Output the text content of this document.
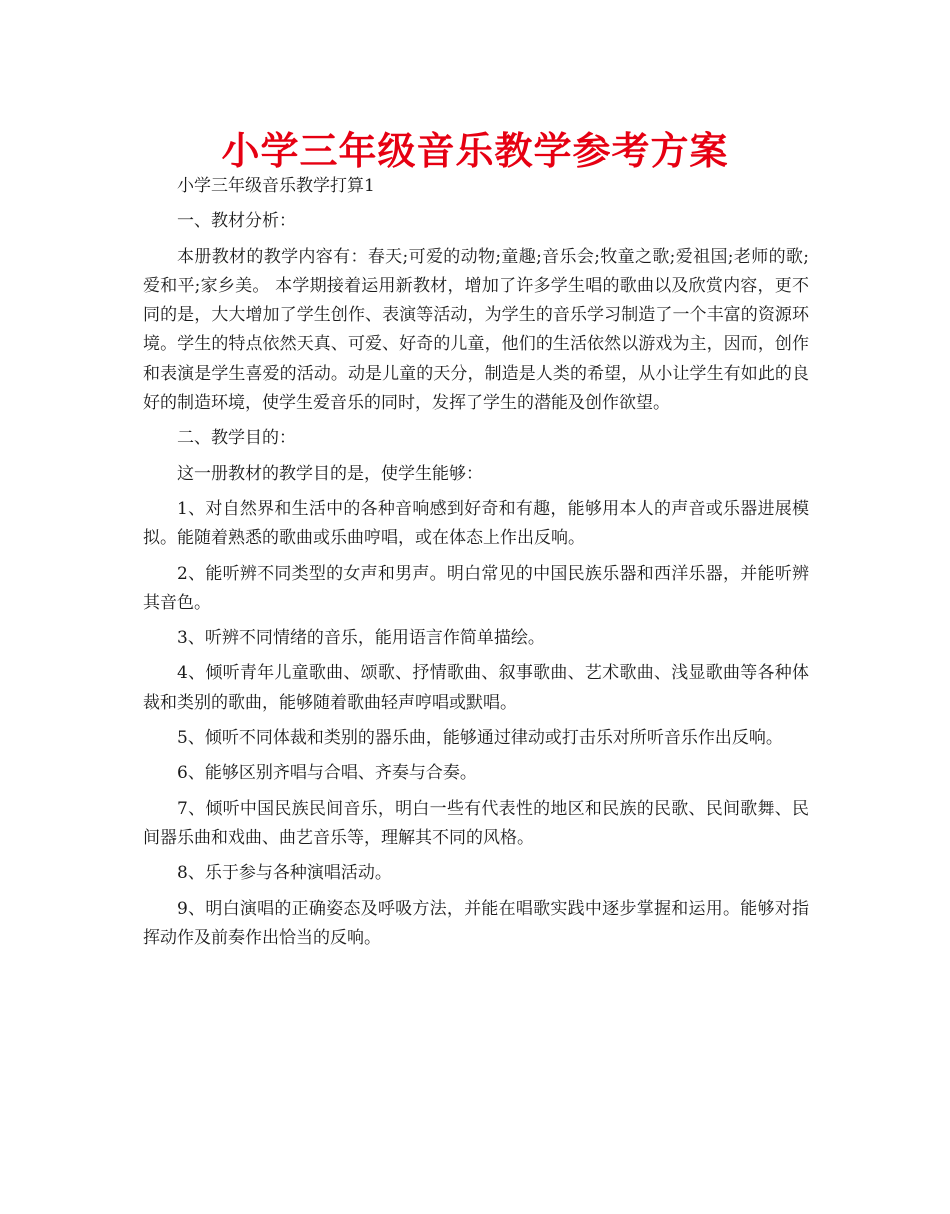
小学三年级音乐教学参考方案

小学三年级音乐教学打算1

一、教材分析：

本册教材的教学内容有：春天;可爱的动物;童趣;音乐会;牧童之歌;爱祖国;老师的歌;爱和平;家乡美。 本学期接着运用新教材，增加了许多学生唱的歌曲以及欣赏内容，更不同的是，大大增加了学生创作、表演等活动，为学生的音乐学习制造了一个丰富的资源环境。学生的特点依然天真、可爱、好奇的儿童，他们的生活依然以游戏为主，因而，创作和表演是学生喜爱的活动。动是儿童的天分，制造是人类的希望，从小让学生有如此的良好的制造环境，使学生爱音乐的同时，发挥了学生的潜能及创作欲望。

二、教学目的：

这一册教材的教学目的是，使学生能够：

1、对自然界和生活中的各种音响感到好奇和有趣，能够用本人的声音或乐器进展模拟。能随着熟悉的歌曲或乐曲哼唱，或在体态上作出反响。

2、能听辨不同类型的女声和男声。明白常见的中国民族乐器和西洋乐器，并能听辨其音色。

3、听辨不同情绪的音乐，能用语言作简单描绘。

4、倾听青年儿童歌曲、颂歌、抒情歌曲、叙事歌曲、艺术歌曲、浅显歌曲等各种体裁和类别的歌曲，能够随着歌曲轻声哼唱或默唱。

5、倾听不同体裁和类别的器乐曲，能够通过律动或打击乐对所听音乐作出反响。

6、能够区别齐唱与合唱、齐奏与合奏。

7、倾听中国民族民间音乐，明白一些有代表性的地区和民族的民歌、民间歌舞、民间器乐曲和戏曲、曲艺音乐等，理解其不同的风格。

8、乐于参与各种演唱活动。

9、明白演唱的正确姿态及呼吸方法，并能在唱歌实践中逐步掌握和运用。能够对指挥动作及前奏作出恰当的反响。
